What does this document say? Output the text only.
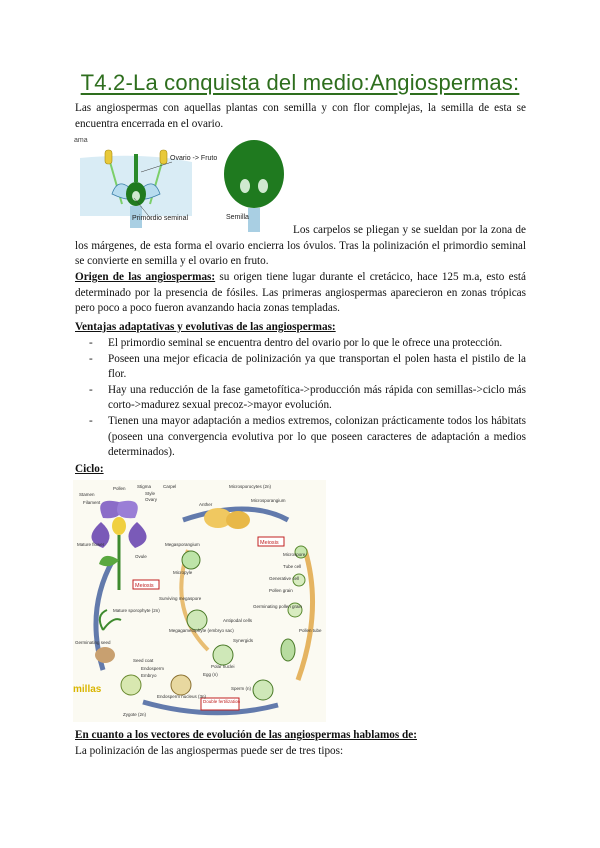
T4.2-La conquista del medio:Angiospermas:

Las angiospermas con aquellas plantas con semilla y con flor complejas, la semilla de esta se encuentra encerrada en el ovario.

ama
Ovario -> Fruto
Primordio seminal	Semilla

Los carpelos se pliegan y se sueldan por la zona de los márgenes, de esta forma el ovario encierra los óvulos. Tras la polinización el primordio seminal se convierte en semilla y el ovario en fruto.

Origen de las angiospermas: su origen tiene lugar durante el cretácico, hace 125 m.a, esto está determinado por la presencia de fósiles. Las primeras angiospermas aparecieron en zonas trópicas pero poco a poco fueron avanzando hacia zonas templadas.

Ventajas adaptativas y evolutivas de las angiospermas:

- El primordio seminal se encuentra dentro del ovario por lo que le ofrece una protección.
- Poseen una mejor eficacia de polinización ya que transportan el polen hasta el pistilo de la flor.
- Hay una reducción de la fase gametofítica->producción más rápida con semillas->ciclo más corto->madurez sexual precoz->mayor evolución.
- Tienen una mayor adaptación a medios extremos, colonizan prácticamente todos los hábitats (poseen una convergencia evolutiva por lo que poseen caracteres de adaptación a medios determinados).

Ciclo:

Meiosis
Meiosis
Double fertilization
Stamen
Filament
Pollen	Stigma
Style
Ovary
Carpel
Anther
Microsporocytes (2n)
Microsporangium
Microspore
Tube cell
Generative cell
Pollen grain
Germinating pollen grain
Pollen tube
Megasporangium
Ovule
Micropyle
Surviving megaspore
Megagametophyte (embryo sac)
Antipodal cells
Synergids
Polar nuclei
Egg (n)
Sperm (n)
Mature flower
Mature sporophyte (2n)
Germinating seed
Seed coat
Endosperm
Embryo
Endosperm nucleus (3n)
Zygote (2n)
millas

En cuanto a los vectores de evolución de las angiospermas hablamos de:

La polinización de las angiospermas puede ser de tres tipos:
